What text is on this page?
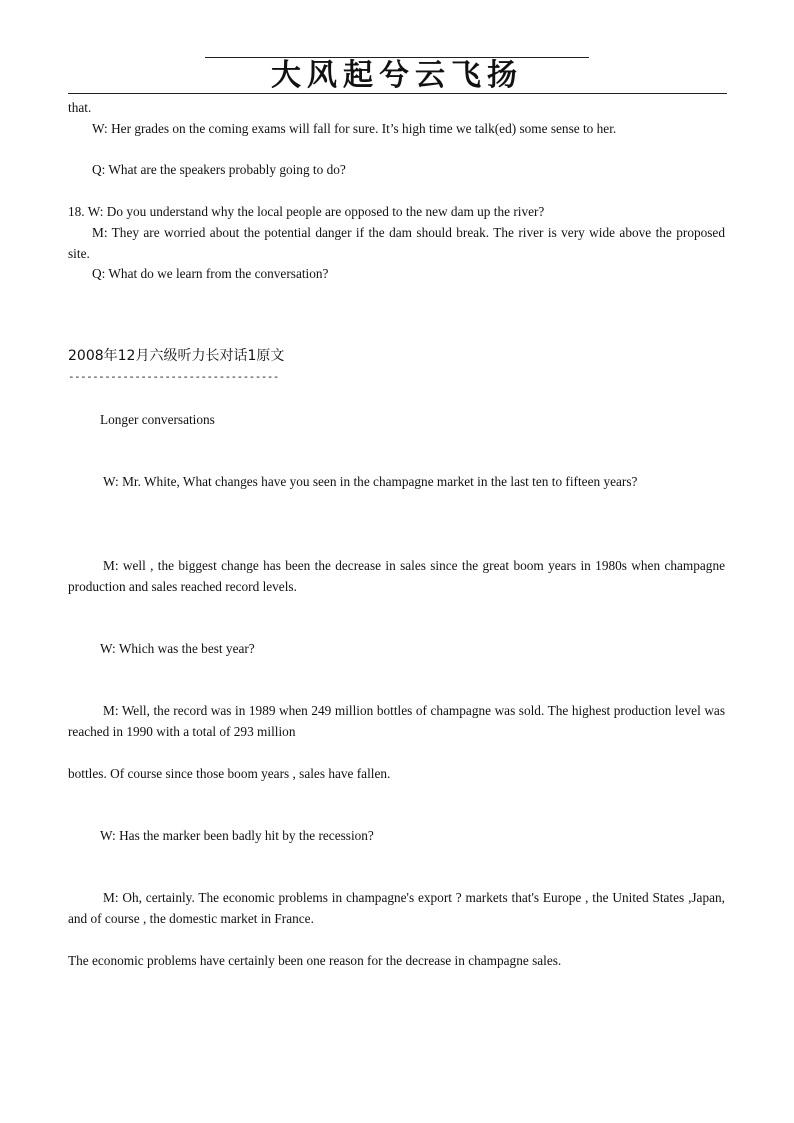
大风起兮云飞扬

that.

W: Her grades on the coming exams will fall for sure. It’s high time we talk(ed) some sense to her.

Q: What are the speakers probably going to do?

18. W: Do you understand why the local people are opposed to the new dam up the river?

M: They are worried about the potential danger if the dam should break. The river is very wide above the proposed site.

Q: What do we learn from the conversation?

2008年12月六级听力长对话1原文

-----------------------------------

Longer conversations

W: Mr. White, What changes have you seen in the champagne market in the last ten to fifteen years?

M: well , the biggest change has been the decrease in sales since the great boom years in 1980s when champagne production and sales reached record levels.

W: Which was the best year?

M: Well, the record was in 1989 when 249 million bottles of champagne was sold. The highest production level was reached in 1990 with a total of 293 million

bottles. Of course since those boom years , sales have fallen.

W: Has the marker been badly hit by the recession?

M: Oh, certainly. The economic problems in champagne's export ? markets that's Europe , the United States ,Japan, and of course , the domestic market in France.

The economic problems have certainly been one reason for the decrease in champagne sales.
